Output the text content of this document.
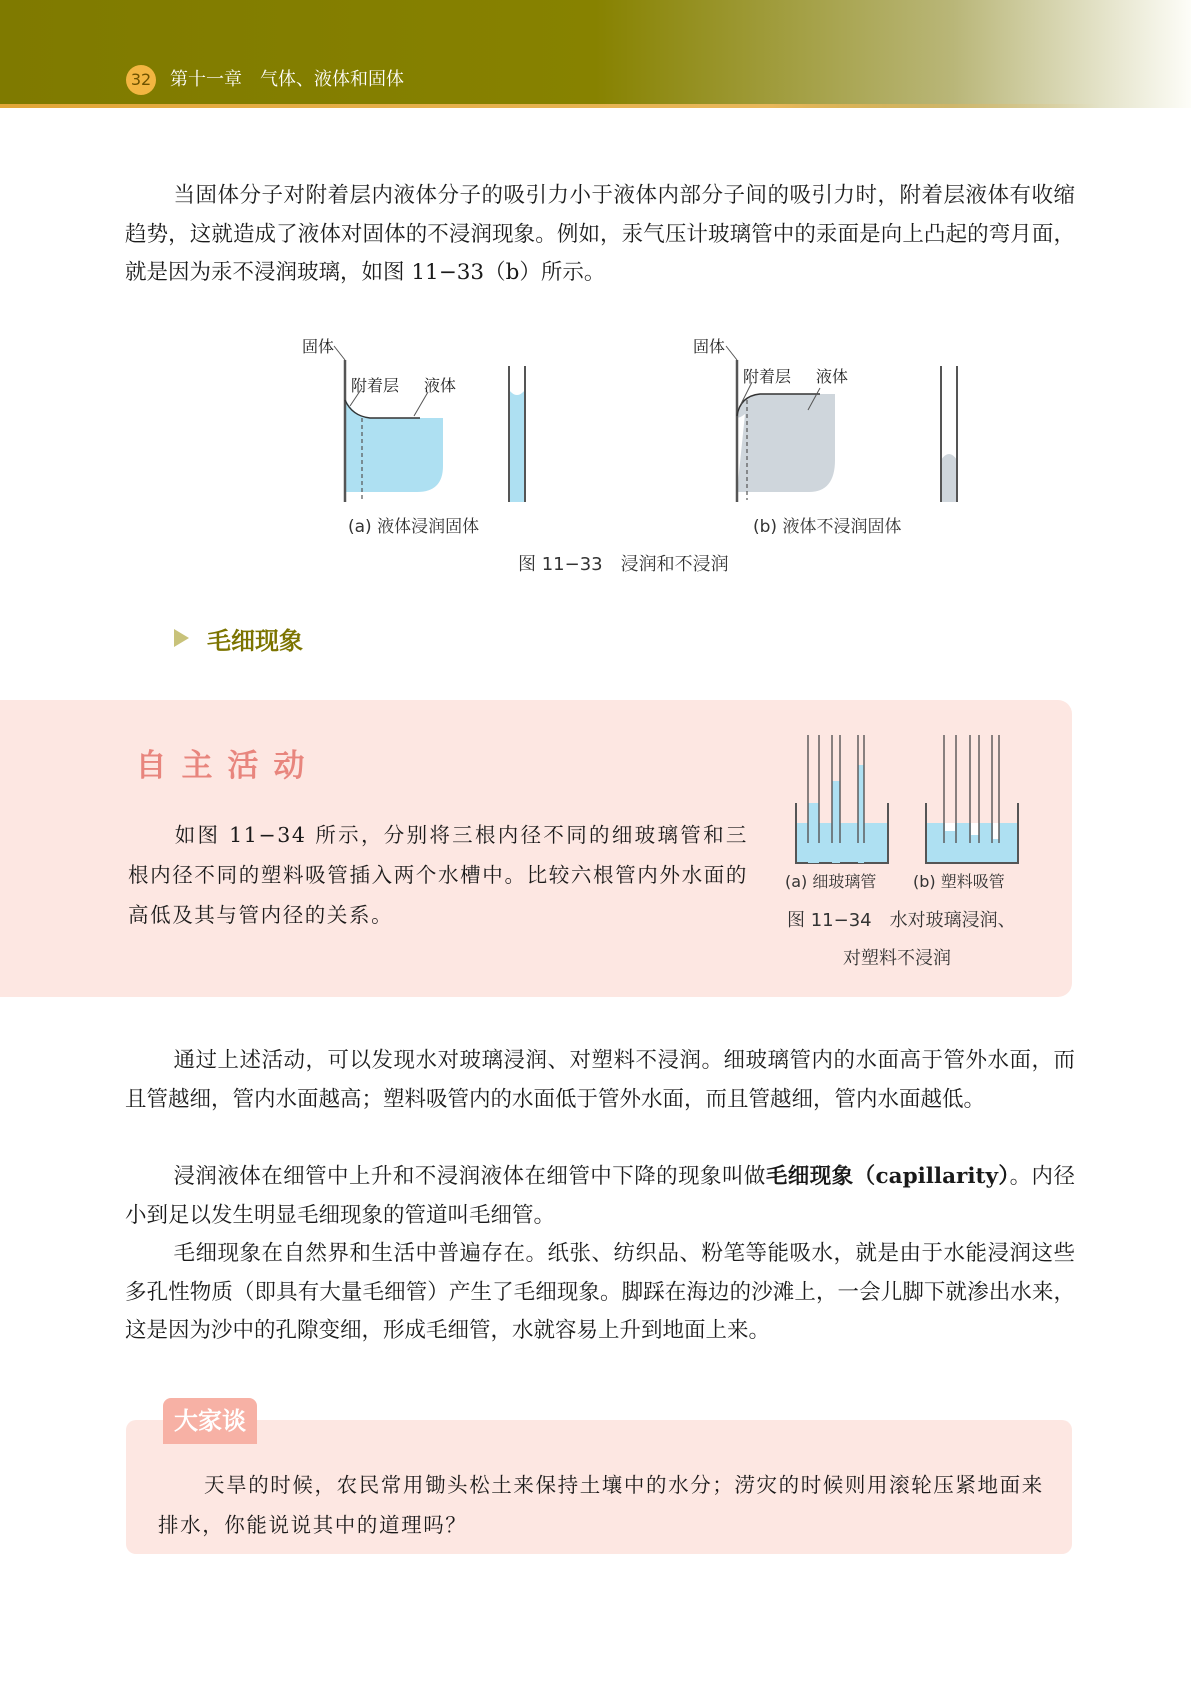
32 第十一章　气体、液体和固体

当固体分子对附着层内液体分子的吸引力小于液体内部分子间的吸引力时，附着层液体有收缩趋势，这就造成了液体对固体的不浸润现象。例如，汞气压计玻璃管中的汞面是向上凸起的弯月面，就是因为汞不浸润玻璃，如图 11−33（b）所示。

固体
附着层 液体
固体
附着层 液体
(a) 液体浸润固体	(b) 液体不浸润固体
图 11−33　浸润和不浸润
毛细现象
自 主 活 动

如图 11−34 所示，分别将三根内径不同的细玻璃管和三根内径不同的塑料吸管插入两个水槽中。比较六根管内外水面的高低及其与管内径的关系。

(a) 细玻璃管 (b) 塑料吸管
图 11−34　水对玻璃浸润、
对塑料不浸润

通过上述活动，可以发现水对玻璃浸润、对塑料不浸润。细玻璃管内的水面高于管外水面，而且管越细，管内水面越高；塑料吸管内的水面低于管外水面，而且管越细，管内水面越低。

浸润液体在细管中上升和不浸润液体在细管中下降的现象叫做毛细现象（capillarity）。内径小到足以发生明显毛细现象的管道叫毛细管。

毛细现象在自然界和生活中普遍存在。纸张、纺织品、粉笔等能吸水，就是由于水能浸润这些多孔性物质（即具有大量毛细管）产生了毛细现象。脚踩在海边的沙滩上，一会儿脚下就渗出水来，这是因为沙中的孔隙变细，形成毛细管，水就容易上升到地面上来。

大家谈

天旱的时候，农民常用锄头松土来保持土壤中的水分；涝灾的时候则用滚轮压紧地面来排水，你能说说其中的道理吗？
